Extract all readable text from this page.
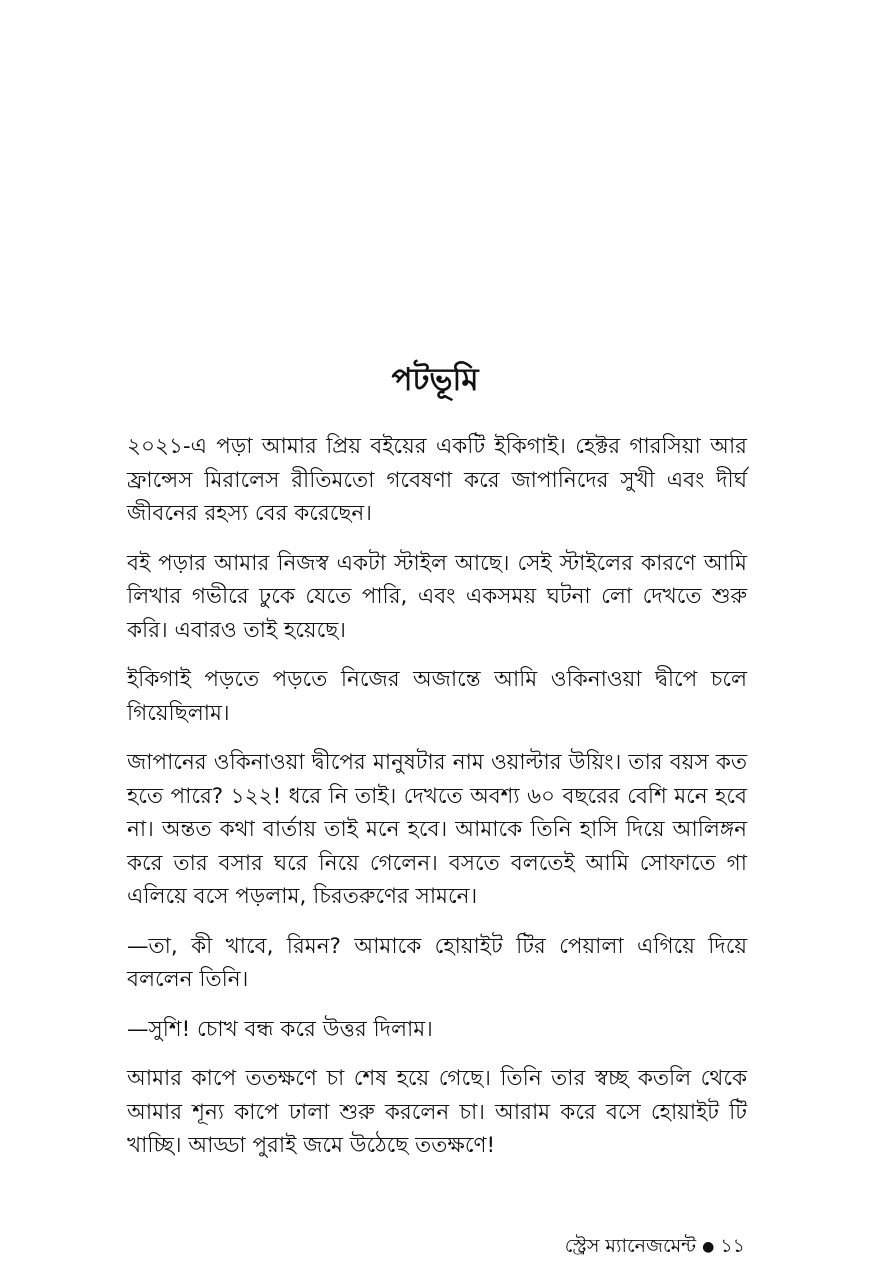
পটভূমি

২০২১-এ পড়া আমার প্রিয় বইয়ের একটি ইকিগাই। হেক্টর গারসিয়া আর ফ্রান্সেস মিরালেস রীতিমতো গবেষণা করে জাপানিদের সুখী এবং দীর্ঘ জীবনের রহস্য বের করেছেন।

বই পড়ার আমার নিজস্ব একটা স্টাইল আছে। সেই স্টাইলের কারণে আমি লিখার গভীরে ঢুকে যেতে পারি, এবং একসময় ঘটনা লো দেখতে শুরু করি। এবারও তাই হয়েছে।

ইকিগাই পড়তে পড়তে নিজের অজান্তে আমি ওকিনাওয়া দ্বীপে চলে গিয়েছিলাম।

জাপানের ওকিনাওয়া দ্বীপের মানুষটার নাম ওয়াল্টার উয়িং। তার বয়স কত হতে পারে? ১২২! ধরে নি তাই। দেখতে অবশ্য ৬০ বছরের বেশি মনে হবে না। অন্তত কথা বার্তায় তাই মনে হবে। আমাকে তিনি হাসি দিয়ে আলিঙ্গন করে তার বসার ঘরে নিয়ে গেলেন। বসতে বলতেই আমি সোফাতে গা এলিয়ে বসে পড়লাম, চিরতরুণের সামনে।

—তা, কী খাবে, রিমন? আমাকে হোয়াইট টির পেয়ালা এগিয়ে দিয়ে বললেন তিনি।

—সুশি! চোখ বন্ধ করে উত্তর দিলাম।

আমার কাপে ততক্ষণে চা শেষ হয়ে গেছে। তিনি তার স্বচ্ছ কতলি থেকে আমার শূন্য কাপে ঢালা শুরু করলেন চা। আরাম করে বসে হোয়াইট টি খাচ্ছি। আড্ডা পুরাই জমে উঠেছে ততক্ষণে!

স্ট্রেস ম্যানেজমেন্ট ● ১১
